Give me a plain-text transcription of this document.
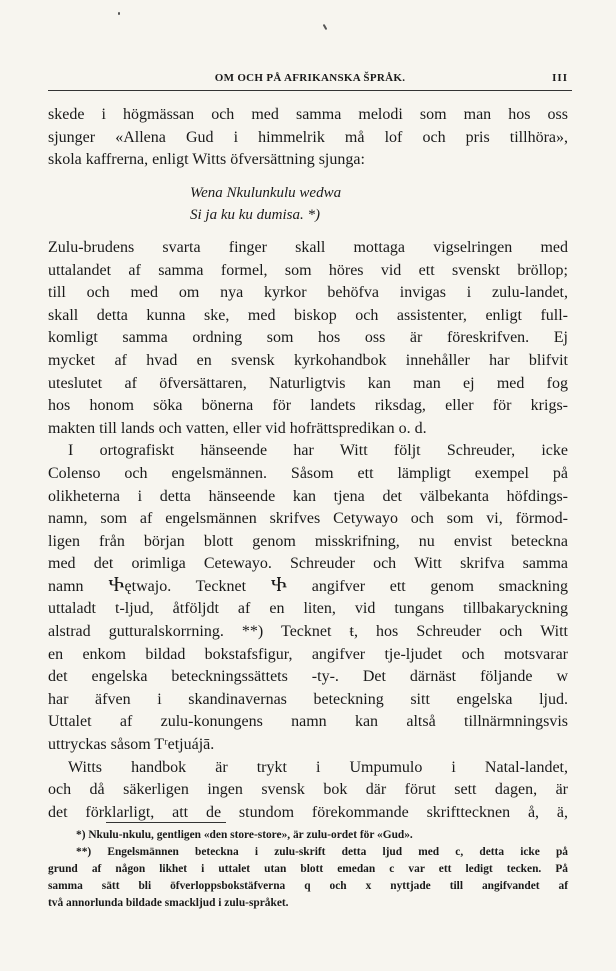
OM OCH PÅ AFRIKANSKA ŠPRÅK.	III
skede i högmässan och med samma melodi som man hos oss
sjunger «Allena Gud i himmelrik må lof och pris tillhöra»,
skola kaffrerna, enligt Witts öfversättning sjunga:
Wena Nkulunkulu wedwa
Si ja ku ku dumisa. *)
Zulu-brudens svarta finger skall mottaga vigselringen med
uttalandet af samma formel, som höres vid ett svenskt bröllop;
till och med om nya kyrkor behöfva invigas i zulu-landet,
skall detta kunna ske, med biskop och assistenter, enligt full-
komligt samma ordning som hos oss är föreskrifven. Ej
mycket af hvad en svensk kyrkohandbok innehåller har blifvit
uteslutet af öfversättaren, Naturligtvis kan man ej med fog
hos honom söka bönerna för landets riksdag, eller för krigs-
makten till lands och vatten, eller vid hofrättspredikan o. d.
I ortografiskt hänseende har Witt följt Schreuder, icke
Colenso och engelsmännen. Såsom ett lämpligt exempel på
olikheterna i detta hänseende kan tjena det välbekanta höfdings-
namn, som af engelsmännen skrifves Cetywayo och som vi, förmod-
ligen från början blott genom misskrifning, nu envist beteckna
med det orimliga Cetewayo. Schreuder och Witt skrifva samma
namn Ⴕętwajo. Tecknet Ⴕ angifver ett genom smackning
uttaladt t-ljud, åtföljdt af en liten, vid tungans tillbakaryckning
alstrad gutturalskorrning. **) Tecknet ŧ, hos Schreuder och Witt
en enkom bildad bokstafsfigur, angifver tje-ljudet och motsvarar
det engelska beteckningssättets -ty-. Det därnäst följande w
har äfven i skandinavernas beteckning sitt engelska ljud.
Uttalet af zulu-konungens namn kan altså tillnärmningsvis
uttryckas såsom Tʳetjuájā.
Witts handbok är trykt i Umpumulo i Natal-landet,
och då säkerligen ingen svensk bok där förut sett dagen, är
det förklarligt, att de stundom förekommande skrifttecknen å, ä,
*) Nkulu-nkulu, gentligen «den store-store», är zulu-ordet för «Gud».
**) Engelsmännen beteckna i zulu-skrift detta ljud med c, detta icke på
grund af någon likhet i uttalet utan blott emedan c var ett ledigt tecken. På
samma sätt bli öfverloppsbokstäfverna q och x nyttjade till angifvandet af
två annorlunda bildade smackljud i zulu-språket.
